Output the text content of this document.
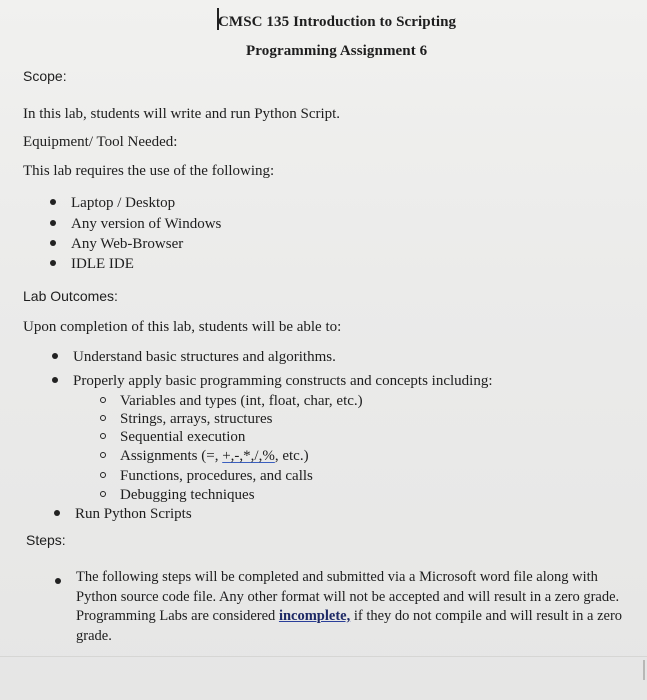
CMSC 135 Introduction to Scripting
Programming Assignment 6
Scope:
In this lab, students will write and run Python Script.
Equipment/ Tool Needed:
This lab requires the use of the following:
Laptop / Desktop
Any version of Windows
Any Web-Browser
IDLE IDE
Lab Outcomes:
Upon completion of this lab, students will be able to:
Understand basic structures and algorithms.
Properly apply basic programming constructs and concepts including:
Variables and types (int, float, char, etc.)
Strings, arrays, structures
Sequential execution
Assignments (=, +,-,*,/,%, etc.)
Functions, procedures, and calls
Debugging techniques
Run Python Scripts
Steps:
The following steps will be completed and submitted via a Microsoft word file along with Python source code file. Any other format will not be accepted and will result in a zero grade. Programming Labs are considered incomplete, if they do not compile and will result in a zero grade.
